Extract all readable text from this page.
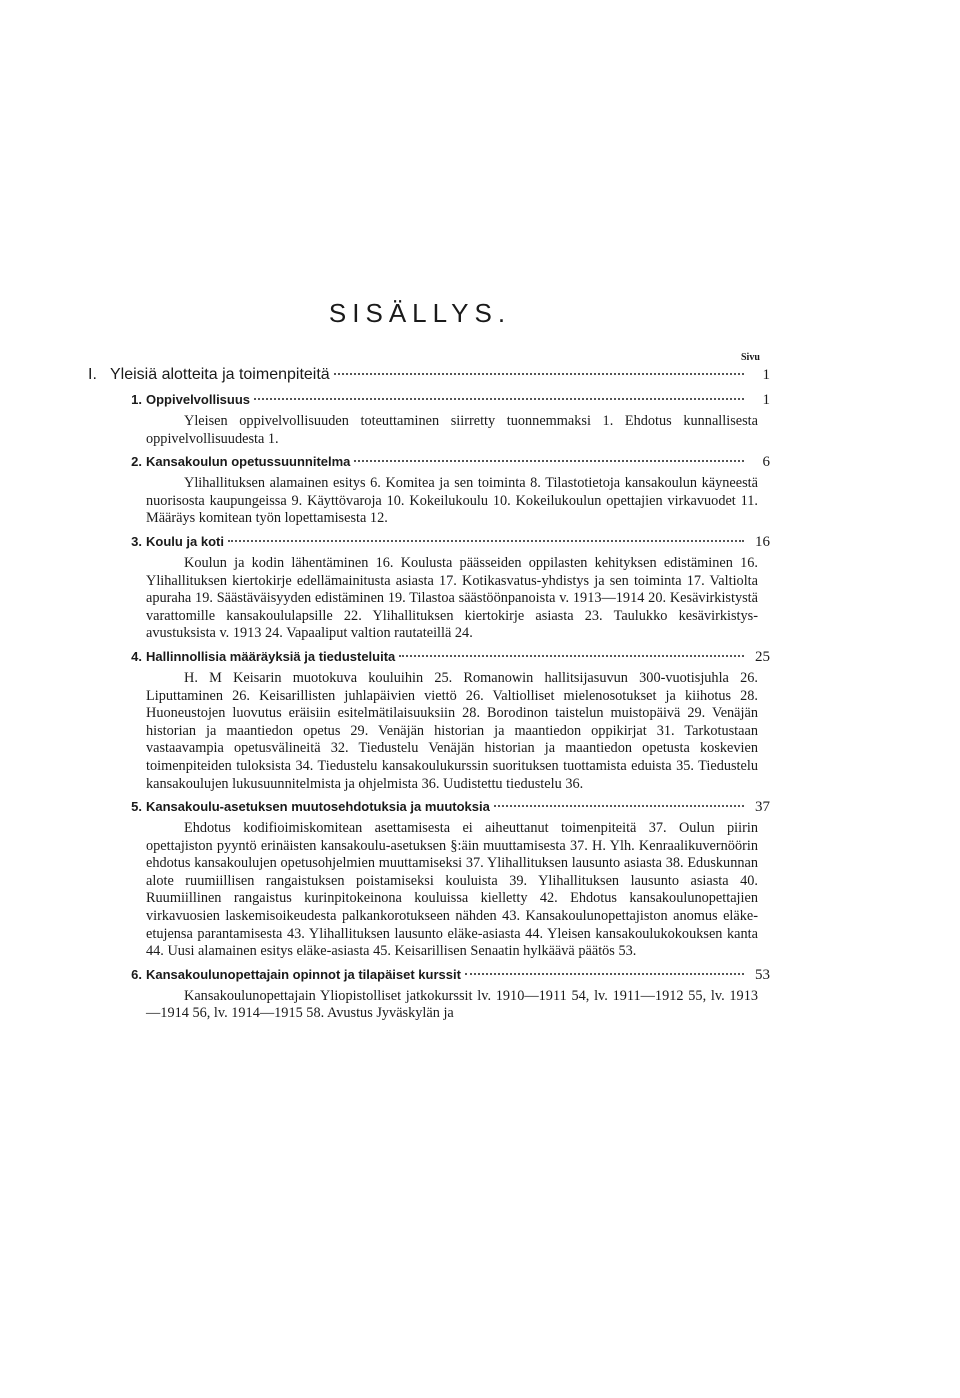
SISÄLLYS.
Sivu
I. Yleisiä alotteita ja toimenpiteitä	1
1. Oppivelvollisuus	1

Yleisen oppivelvollisuuden toteuttaminen siirretty tuonnemmaksi 1. Ehdotus kunnallisesta oppivelvollisuudesta 1.

2. Kansakoulun opetussuunnitelma	6

Ylihallituksen alamainen esitys 6. Komitea ja sen toiminta 8. Tilastotietoja kansakoulun käyneestä nuorisosta kaupungeissa 9. Käyttövaroja 10. Kokeilukoulu 10. Kokeilukoulun opettajien virkavuodet 11. Määräys komitean työn lopettamisesta 12.

3. Koulu ja koti	16

Koulun ja kodin lähentäminen 16. Koulusta päässeiden oppilasten kehityksen edistäminen 16. Ylihallituksen kiertokirje edellämainitusta asiasta 17. Kotikasvatus-yhdistys ja sen toiminta 17. Valtiolta apuraha 19. Säästäväisyyden edistäminen 19. Tilastoa säästöönpanoista v. 1913—1914 20. Kesävirkistystä varattomille kansakoululapsille 22. Ylihallituksen kiertokirje asiasta 23. Taulukko kesävirkistys-avustuksista v. 1913 24. Vapaaliput valtion rautateillä 24.

4. Hallinnollisia määräyksiä ja tiedusteluita	25

H. M Keisarin muotokuva kouluihin 25. Romanowin hallitsijasuvun 300-vuotisjuhla 26. Liputtaminen 26. Keisarillisten juhlapäivien viettö 26. Valtiolliset mielenosotukset ja kiihotus 28. Huoneustojen luovutus eräisiin esitelmätilaisuuksiin 28. Borodinon taistelun muistopäivä 29. Venäjän historian ja maantiedon opetus 29. Venäjän historian ja maantiedon oppikirjat 31. Tarkotustaan vastaavampia opetusvälineitä 32. Tiedustelu Venäjän historian ja maantiedon opetusta koskevien toimenpiteiden tuloksista 34. Tiedustelu kansakoulukurssin suorituksen tuottamista eduista 35. Tiedustelu kansakoulujen lukusuunnitelmista ja ohjelmista 36. Uudistettu tiedustelu 36.

5. Kansakoulu-asetuksen muutosehdotuksia ja muutoksia	37

Ehdotus kodifioimiskomitean asettamisesta ei aiheuttanut toimenpiteitä 37. Oulun piirin opettajiston pyyntö erinäisten kansakoulu-asetuksen §:äin muuttamisesta 37. H. Ylh. Kenraalikuvernöörin ehdotus kansakoulujen opetusohjelmien muuttamiseksi 37. Ylihallituksen lausunto asiasta 38. Eduskunnan alote ruumiillisen rangaistuksen poistamiseksi kouluista 39. Ylihallituksen lausunto asiasta 40. Ruumiillinen rangaistus kurinpitokeinona kouluissa kielletty 42. Ehdotus kansakoulunopettajien virkavuosien laskemisoikeudesta palkankorotukseen nähden 43. Kansakoulunopettajiston anomus eläke-etujensa parantamisesta 43. Ylihallituksen lausunto eläke-asiasta 44. Yleisen kansakoulukokouksen kanta 44. Uusi alamainen esitys eläke-asiasta 45. Keisarillisen Senaatin hylkäävä päätös 53.

6. Kansakoulunopettajain opinnot ja tilapäiset kurssit	53

Kansakoulunopettajain Yliopistolliset jatkokurssit lv. 1910—1911 54, lv. 1911—1912 55, lv. 1913—1914 56, lv. 1914—1915 58. Avustus Jyväskylän ja
